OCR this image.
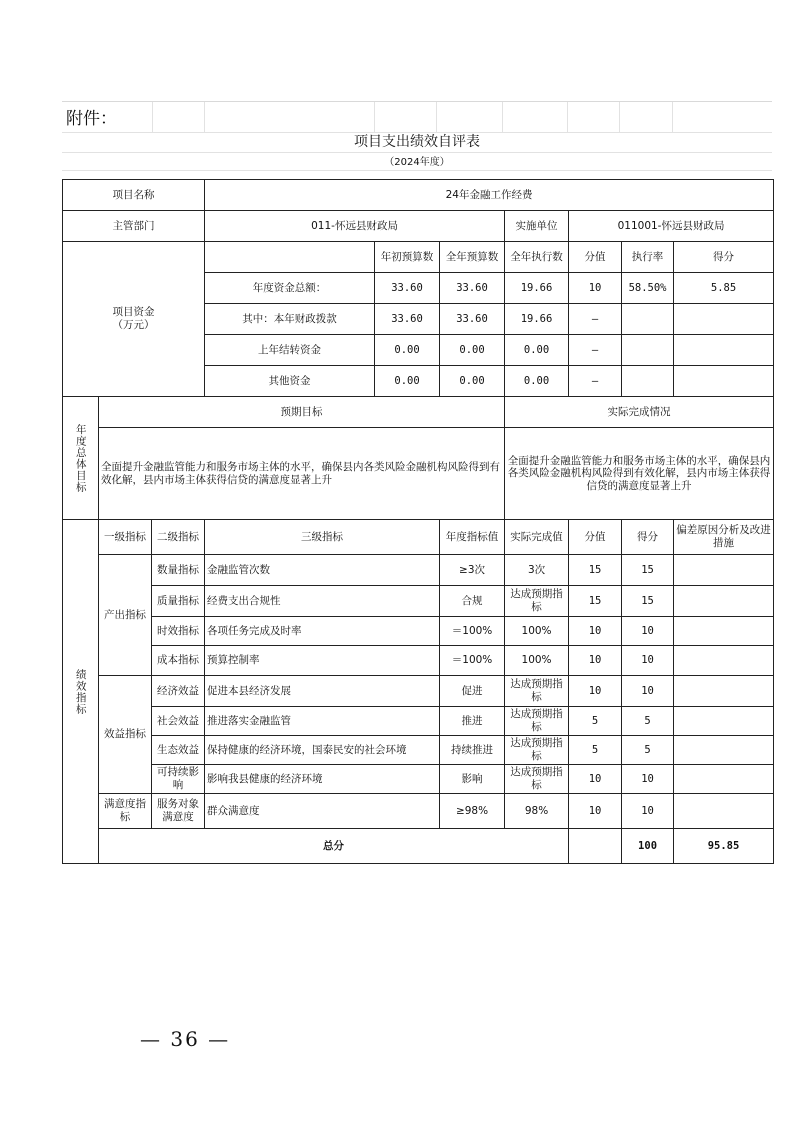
附件：
项目支出绩效自评表
（2024年度）
项目名称			24年金融工作经费							
主管部门			011-怀远县财政局			实施单位	011001-怀远县财政局			
项目资金
（万元）				年初预算数	全年预算数	全年执行数	分值	执行率	得分	
			年度资金总额：	33.60	33.60	19.66	10	58.50%	5.85	
			其中：本年财政拨款	33.60	33.60	19.66	—			
			上年结转资金	0.00	0.00	0.00	—			
			其他资金	0.00	0.00	0.00	—			
年度总体目标	预期目标					实际完成情况				
	全面提升金融监管能力和服务市场主体的水平，确保县内各类风险金融机构风险得到有效化解，县内市场主体获得信贷的满意度显著上升					全面提升金融监管能力和服务市场主体的水平，确保县内各类风险金融机构风险得到有效化解，县内市场主体获得信贷的满意度显著上升				
绩效指标	一级指标	二级指标	三级指标		年度指标值	实际完成值	分值	得分	偏差原因分析及改进措施	
	产出指标	数量指标	金融监管次数		≥3次	3次	15	15		
		质量指标	经费支出合规性		合规	达成预期指标	15	15		
		时效指标	各项任务完成及时率		＝100%	100%	10	10		
		成本指标	预算控制率		＝100%	100%	10	10		
	效益指标	经济效益	促进本县经济发展		促进	达成预期指标	10	10		
		社会效益	推进落实金融监管		推进	达成预期指标	5	5		
		生态效益	保持健康的经济环境，国泰民安的社会环境		持续推进	达成预期指标	5	5		
		可持续影响	影响我县健康的经济环境		影响	达成预期指标	10	10		
	满意度指标	服务对象满意度	群众满意度		≥98%	98%	10	10		
	总分							100	95.85	
— 36 —
